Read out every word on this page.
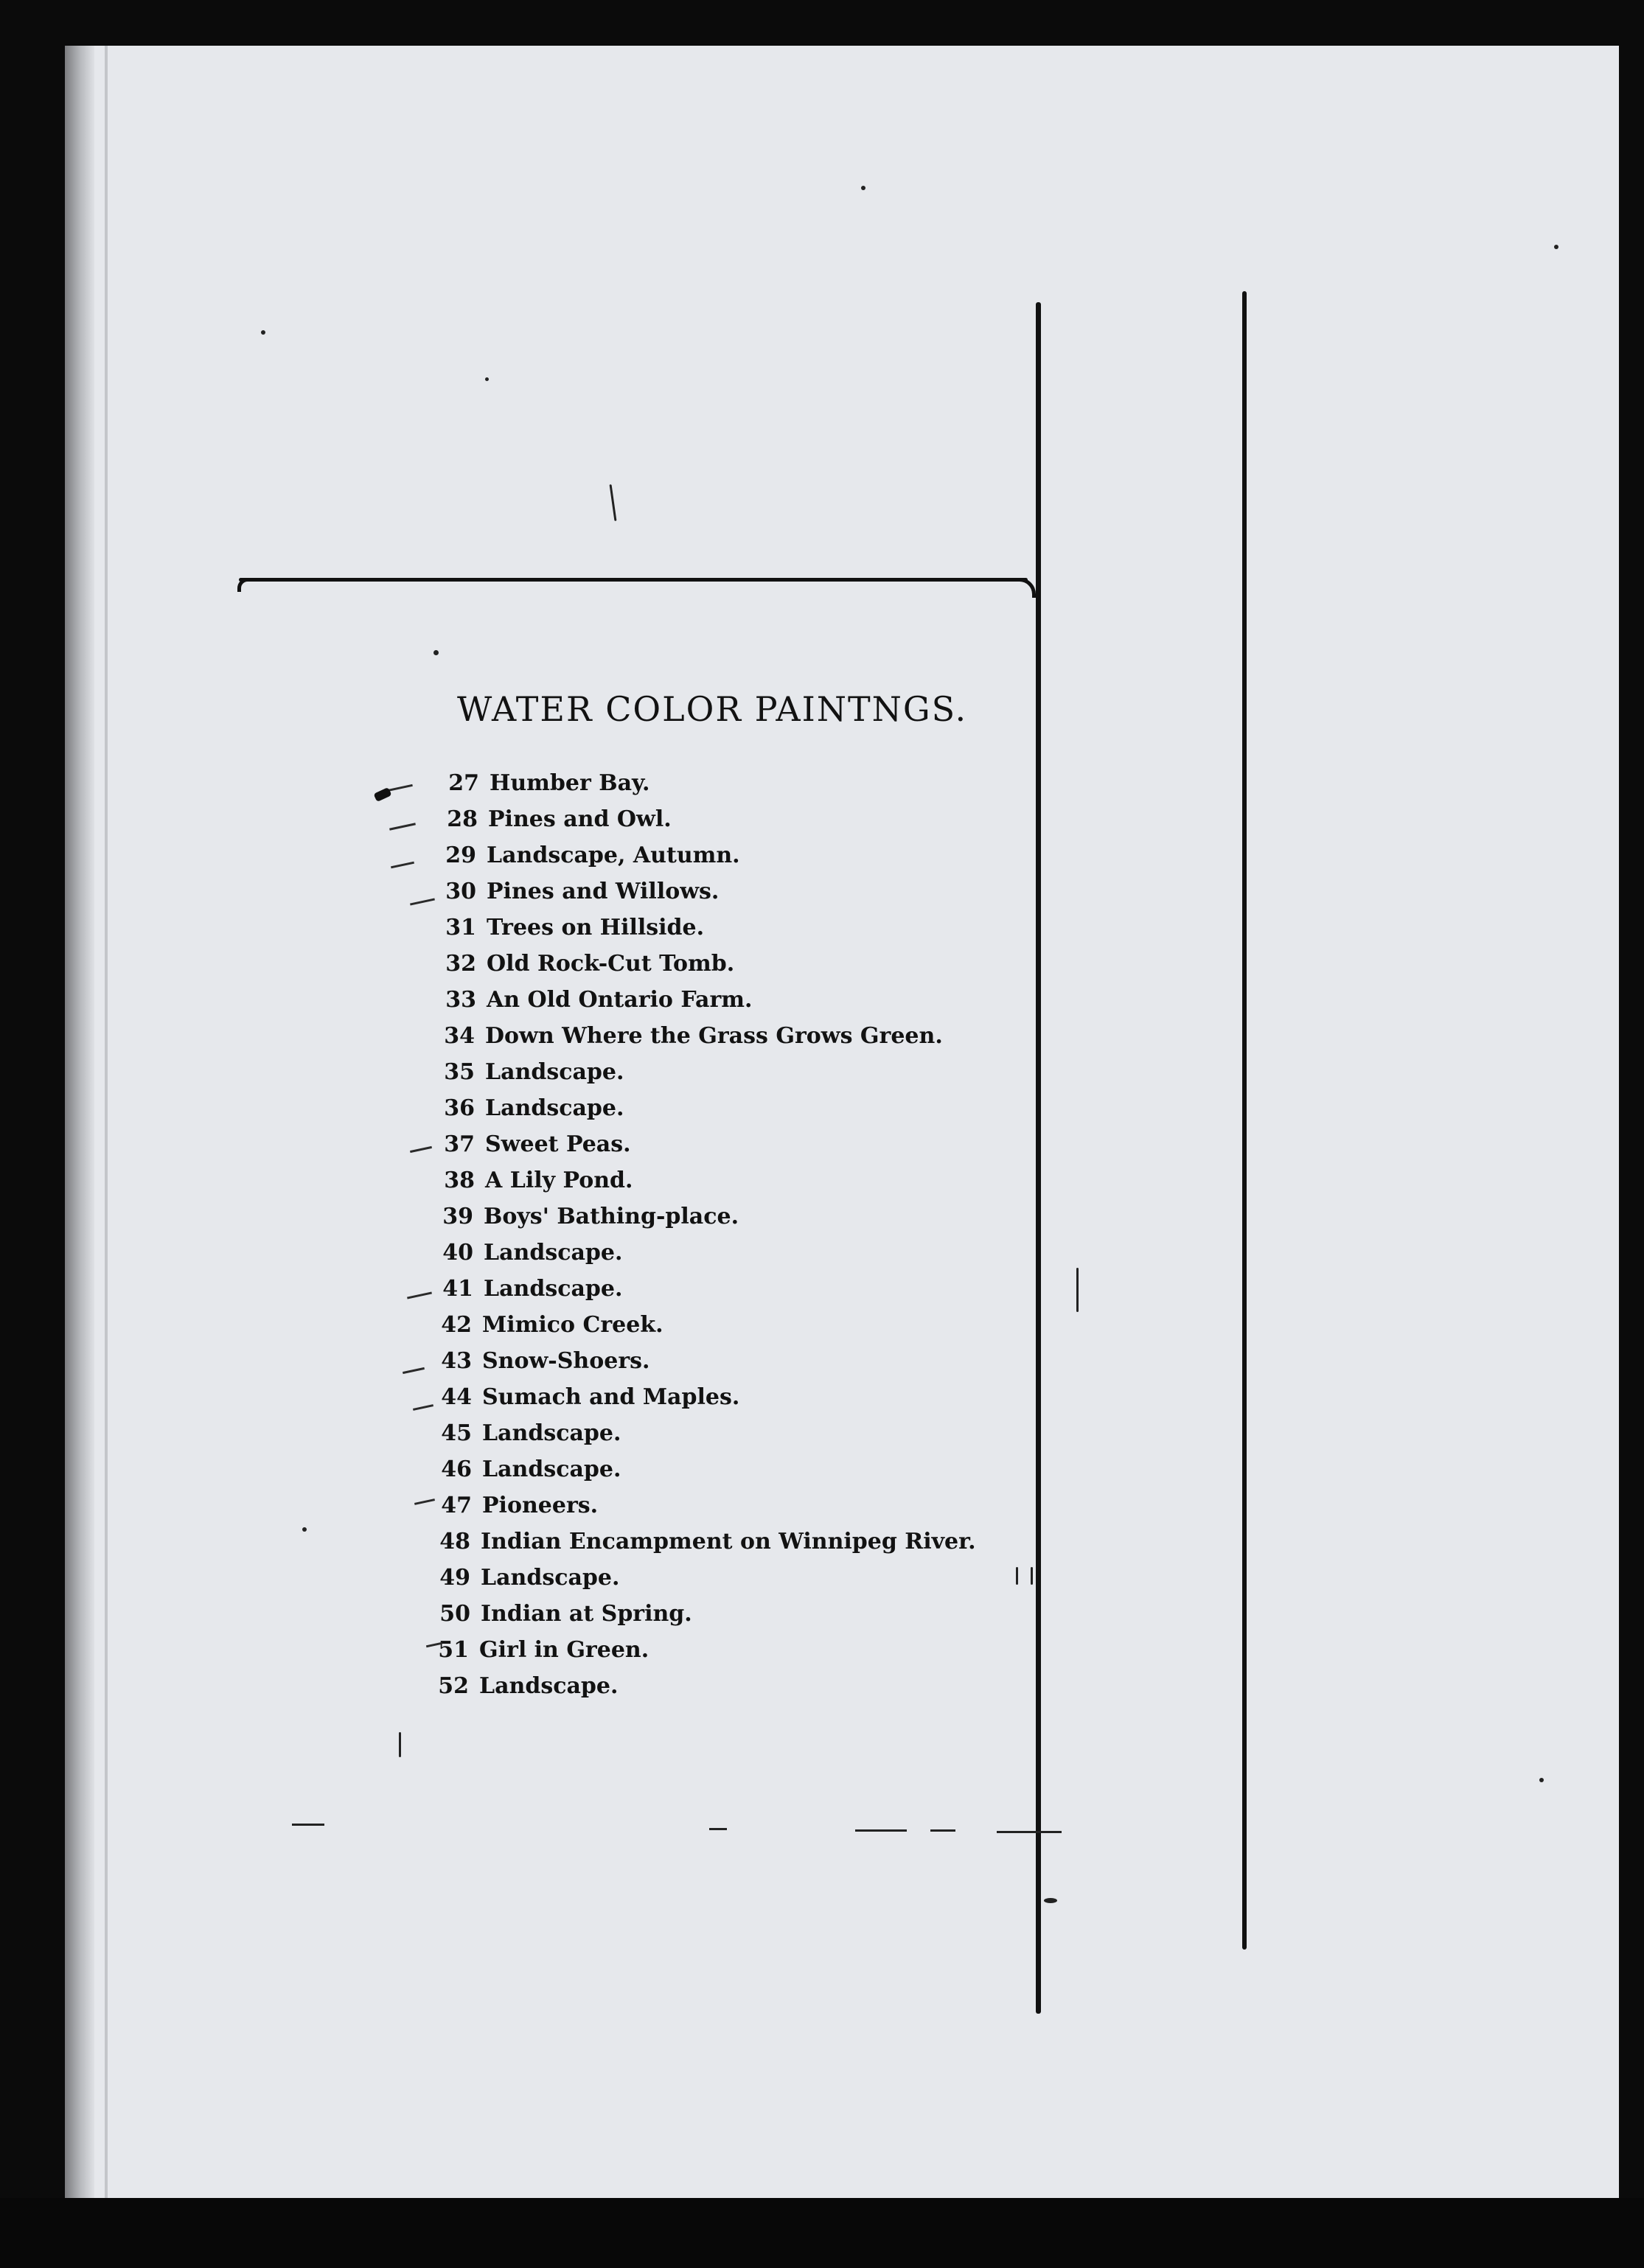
WATER COLOR PAINTNGS.
27 Humber Bay.
28 Pines and Owl.
29 Landscape, Autumn.
30 Pines and Willows.
31 Trees on Hillside.
32 Old Rock-Cut Tomb.
33 An Old Ontario Farm.
34 Down Where the Grass Grows Green.
35 Landscape.
36 Landscape.
37 Sweet Peas.
38 A Lily Pond.
39 Boys' Bathing-place.
40 Landscape.
41 Landscape.
42 Mimico Creek.
43 Snow-Shoers.
44 Sumach and Maples.
45 Landscape.
46 Landscape.
47 Pioneers.
48 Indian Encampment on Winnipeg River.
49 Landscape.
50 Indian at Spring.
51 Girl in Green.
52 Landscape.
